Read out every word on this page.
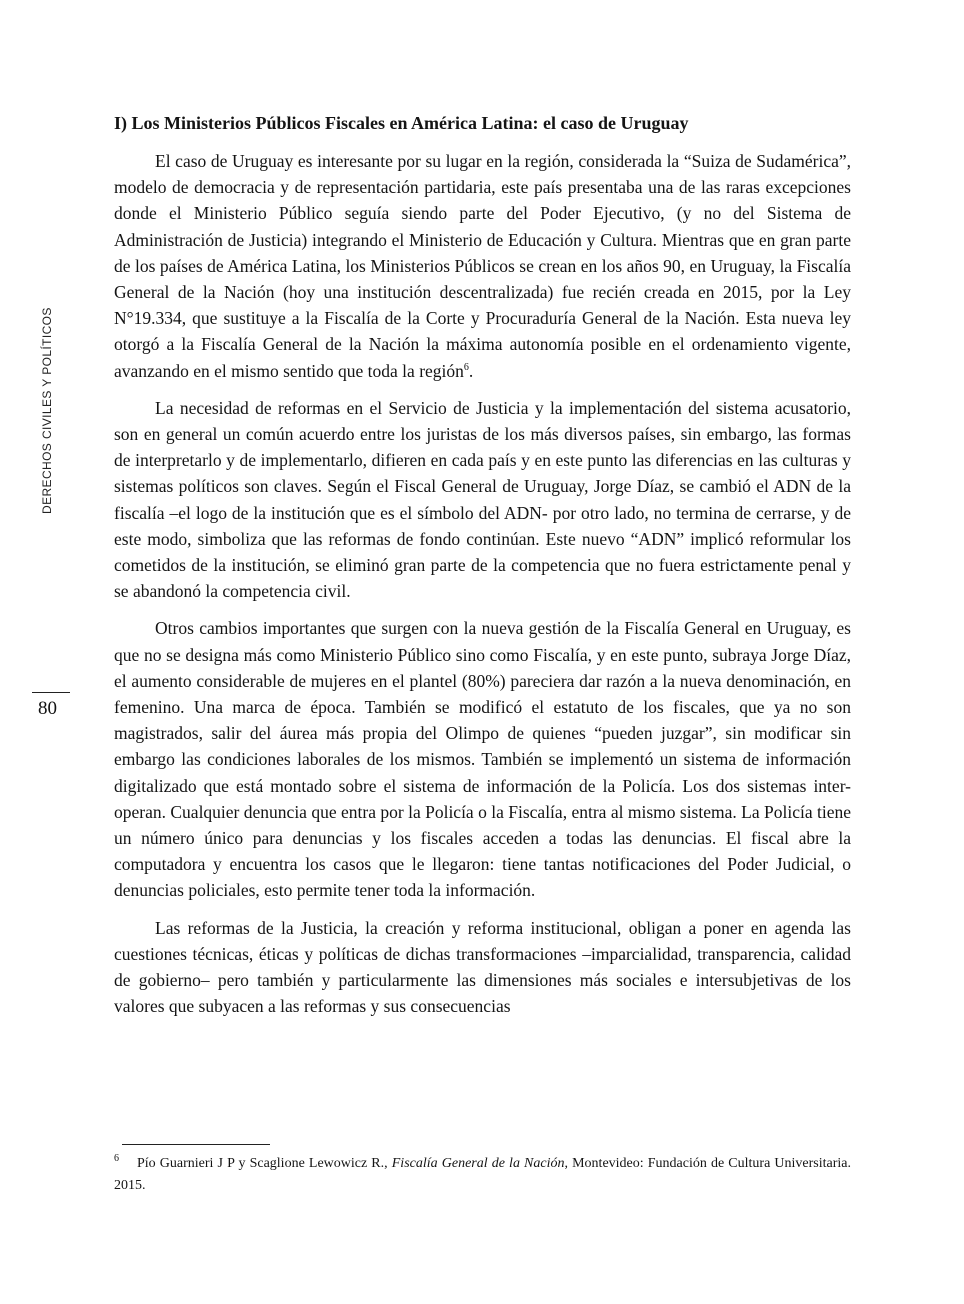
DERECHOS CIVILES Y POLÍTICOS
80
I) Los Ministerios Públicos Fiscales en América Latina: el caso de Uruguay

El caso de Uruguay es interesante por su lugar en la región, considerada la “Suiza de Sudamérica”, modelo de democracia y de representación partidaria, este país presentaba una de las raras excepciones donde el Ministerio Público seguía siendo parte del Poder Ejecutivo, (y no del Sistema de Administración de Justicia) integrando el Ministerio de Educación y Cultura. Mientras que en gran parte de los países de América Latina, los Ministerios Públicos se crean en los años 90, en Uruguay, la Fiscalía General de la Nación (hoy una institución descentralizada) fue recién creada en 2015, por la Ley N°19.334, que sustituye a la Fiscalía de la Corte y Procuraduría General de la Nación. Esta nueva ley otorgó a la Fiscalía General de la Nación la máxima autonomía posible en el ordenamiento vigente, avanzando en el mismo sentido que toda la región$^6$.

La necesidad de reformas en el Servicio de Justicia y la implementación del sistema acusatorio, son en general un común acuerdo entre los juristas de los más diversos países, sin embargo, las formas de interpretarlo y de implementarlo, difieren en cada país y en este punto las diferencias en las culturas y sistemas políticos son claves. Según el Fiscal General de Uruguay, Jorge Díaz, se cambió el ADN de la fiscalía –el logo de la institución que es el símbolo del ADN- por otro lado, no termina de cerrarse, y de este modo, simboliza que las reformas de fondo continúan. Este nuevo “ADN” implicó reformular los cometidos de la institución, se eliminó gran parte de la competencia que no fuera estrictamente penal y se abandonó la competencia civil.

Otros cambios importantes que surgen con la nueva gestión de la Fiscalía General en Uruguay, es que no se designa más como Ministerio Público sino como Fiscalía, y en este punto, subraya Jorge Díaz, el aumento considerable de mujeres en el plantel (80%) pareciera dar razón a la nueva denominación, en femenino. Una marca de época. También se modificó el estatuto de los fiscales, que ya no son magistrados, salir del áurea más propia del Olimpo de quienes “pueden juzgar”, sin modificar sin embargo las condiciones laborales de los mismos. También se implementó un sistema de información digitalizado que está montado sobre el sistema de información de la Policía. Los dos sistemas inter-operan. Cualquier denuncia que entra por la Policía o la Fiscalía, entra al mismo sistema. La Policía tiene un número único para denuncias y los fiscales acceden a todas las denuncias. El fiscal abre la computadora y encuentra los casos que le llegaron: tiene tantas notificaciones del Poder Judicial, o denuncias policiales, esto permite tener toda la información.

Las reformas de la Justicia, la creación y reforma institucional, obligan a poner en agenda las cuestiones técnicas, éticas y políticas de dichas transformaciones –imparcialidad, transparencia, calidad de gobierno– pero también y particularmente las dimensiones más sociales e intersubjetivas de los valores que subyacen a las reformas y sus consecuencias

$^6$ Pío Guarnieri J P y Scaglione Lewowicz R., Fiscalía General de la Nación, Montevideo: Fundación de Cultura Universitaria. 2015.
